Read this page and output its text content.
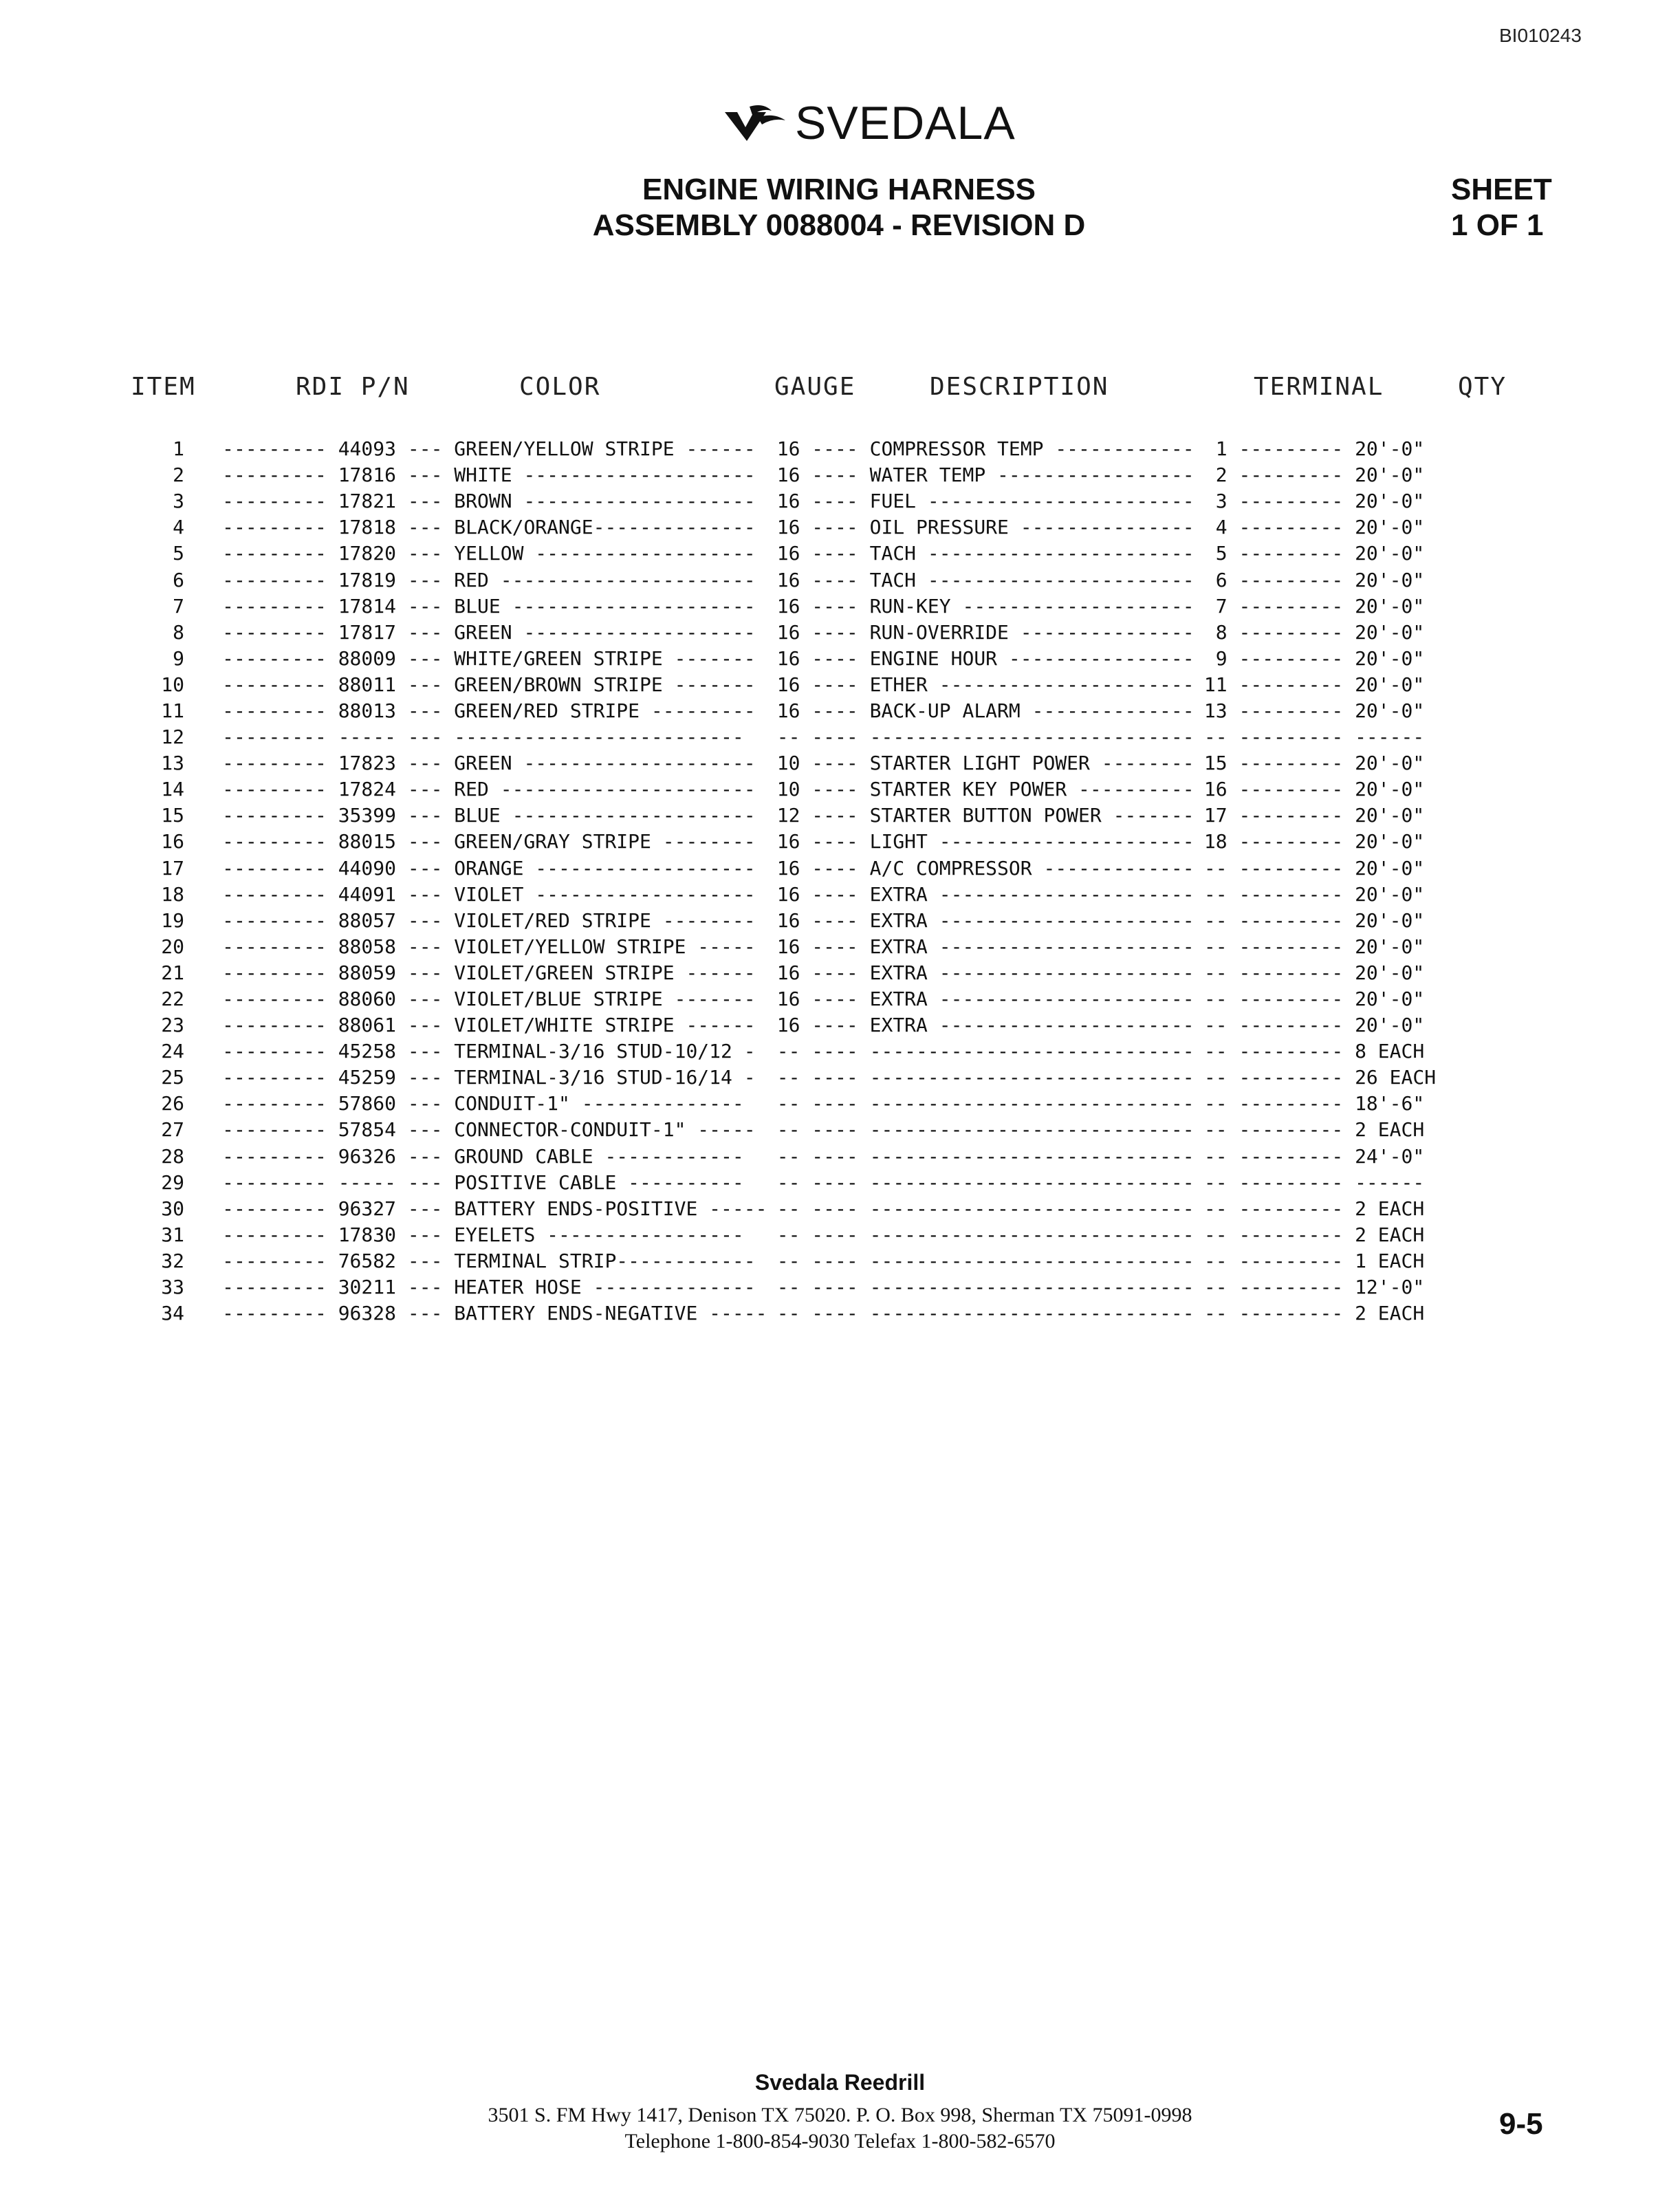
BI010243
SVEDALA
ENGINE WIRING HARNESS
ASSEMBLY 0088004 - REVISION D
SHEET
1 OF 1
ITEM	RDI P/N	COLOR	GAUGE	DESCRIPTION	TERMINAL	QTY
1	--------- 44093	--- GREEN/YELLOW STRIPE ------	16	---- COMPRESSOR TEMP ------------	1	--------- 20'-0"
2	--------- 17816	--- WHITE --------------------	16	---- WATER TEMP -----------------	2	--------- 20'-0"
3	--------- 17821	--- BROWN --------------------	16	---- FUEL -----------------------	3	--------- 20'-0"
4	--------- 17818	--- BLACK/ORANGE--------------	16	---- OIL PRESSURE ---------------	4	--------- 20'-0"
5	--------- 17820	--- YELLOW -------------------	16	---- TACH -----------------------	5	--------- 20'-0"
6	--------- 17819	--- RED ----------------------	16	---- TACH -----------------------	6	--------- 20'-0"
7	--------- 17814	--- BLUE ---------------------	16	---- RUN-KEY --------------------	7	--------- 20'-0"
8	--------- 17817	--- GREEN --------------------	16	---- RUN-OVERRIDE ---------------	8	--------- 20'-0"
9	--------- 88009	--- WHITE/GREEN STRIPE -------	16	---- ENGINE HOUR ----------------	9	--------- 20'-0"
10	--------- 88011	--- GREEN/BROWN STRIPE -------	16	---- ETHER ----------------------	11	--------- 20'-0"
11	--------- 88013	--- GREEN/RED STRIPE ---------	16	---- BACK-UP ALARM --------------	13	--------- 20'-0"
12	--------- -----	--- -------------------------	--	---- ----------------------------	--	--------- ------
13	--------- 17823	--- GREEN --------------------	10	---- STARTER LIGHT POWER --------	15	--------- 20'-0"
14	--------- 17824	--- RED ----------------------	10	---- STARTER KEY POWER ----------	16	--------- 20'-0"
15	--------- 35399	--- BLUE ---------------------	12	---- STARTER BUTTON POWER -------	17	--------- 20'-0"
16	--------- 88015	--- GREEN/GRAY STRIPE --------	16	---- LIGHT ----------------------	18	--------- 20'-0"
17	--------- 44090	--- ORANGE -------------------	16	---- A/C COMPRESSOR -------------	--	--------- 20'-0"
18	--------- 44091	--- VIOLET -------------------	16	---- EXTRA ----------------------	--	--------- 20'-0"
19	--------- 88057	--- VIOLET/RED STRIPE --------	16	---- EXTRA ----------------------	--	--------- 20'-0"
20	--------- 88058	--- VIOLET/YELLOW STRIPE -----	16	---- EXTRA ----------------------	--	--------- 20'-0"
21	--------- 88059	--- VIOLET/GREEN STRIPE ------	16	---- EXTRA ----------------------	--	--------- 20'-0"
22	--------- 88060	--- VIOLET/BLUE STRIPE -------	16	---- EXTRA ----------------------	--	--------- 20'-0"
23	--------- 88061	--- VIOLET/WHITE STRIPE ------	16	---- EXTRA ----------------------	--	--------- 20'-0"
24	--------- 45258	--- TERMINAL-3/16 STUD-10/12 -	--	---- ----------------------------	--	--------- 8 EACH
25	--------- 45259	--- TERMINAL-3/16 STUD-16/14 -	--	---- ----------------------------	--	--------- 26 EACH
26	--------- 57860	--- CONDUIT-1" --------------	--	---- ----------------------------	--	--------- 18'-6"
27	--------- 57854	--- CONNECTOR-CONDUIT-1" -----	--	---- ----------------------------	--	--------- 2 EACH
28	--------- 96326	--- GROUND CABLE ------------	--	---- ----------------------------	--	--------- 24'-0"
29	--------- -----	--- POSITIVE CABLE ----------	--	---- ----------------------------	--	--------- ------
30	--------- 96327	--- BATTERY ENDS-POSITIVE -----	--	---- ----------------------------	--	--------- 2 EACH
31	--------- 17830	--- EYELETS -----------------	--	---- ----------------------------	--	--------- 2 EACH
32	--------- 76582	--- TERMINAL STRIP------------	--	---- ----------------------------	--	--------- 1 EACH
33	--------- 30211	--- HEATER HOSE --------------	--	---- ----------------------------	--	--------- 12'-0"
34	--------- 96328	--- BATTERY ENDS-NEGATIVE -----	--	---- ----------------------------	--	--------- 2 EACH
Svedala Reedrill
3501 S. FM Hwy 1417, Denison TX 75020. P. O. Box 998, Sherman TX 75091-0998
Telephone 1-800-854-9030 Telefax 1-800-582-6570
9-5
